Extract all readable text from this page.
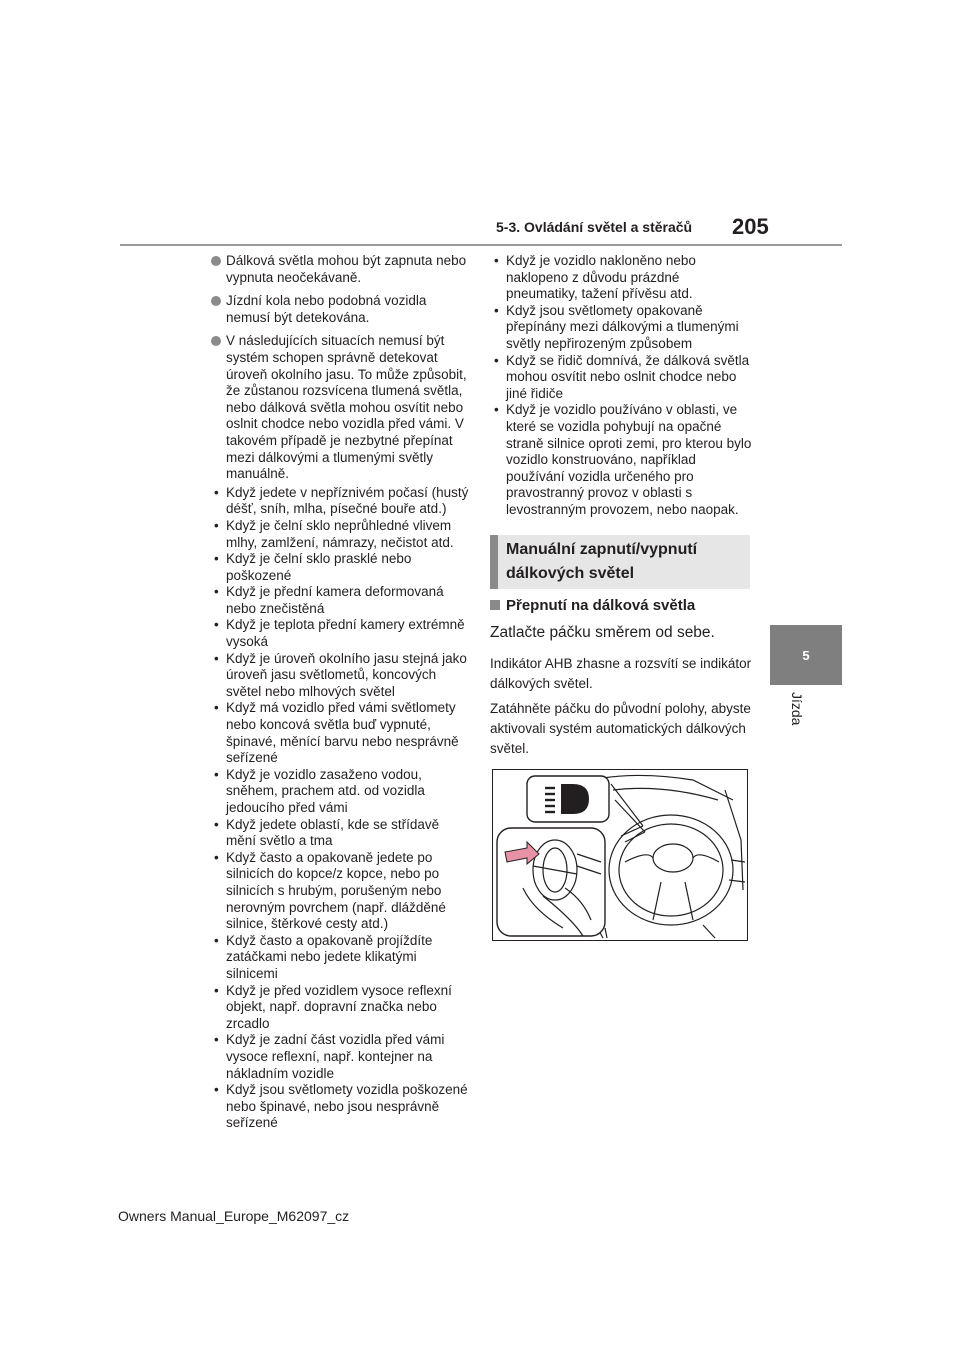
5-3. Ovládání světel a stěračů 205
5
Jízda
Dálková světla mohou být zapnuta nebo vypnuta neočekávaně.
Jízdní kola nebo podobná vozidla nemusí být detekována.
V následujících situacích nemusí být systém schopen správně detekovat úroveň okolního jasu. To může způsobit, že zůstanou rozsvícena tlumená světla, nebo dálková světla mohou osvítit nebo oslnit chodce nebo vozidla před vámi. V takovém případě je nezbytné přepínat mezi dálkovými a tlumenými světly manuálně.
• Když jedete v nepříznivém počasí (hustý déšť, sníh, mlha, písečné bouře atd.)
• Když je čelní sklo neprůhledné vlivem mlhy, zamlžení, námrazy, nečistot atd.
• Když je čelní sklo prasklé nebo poškozené
• Když je přední kamera deformovaná nebo znečistěná
• Když je teplota přední kamery extrémně vysoká
• Když je úroveň okolního jasu stejná jako úroveň jasu světlometů, koncových světel nebo mlhových světel
• Když má vozidlo před vámi světlomety nebo koncová světla buď vypnuté, špinavé, měnící barvu nebo nesprávně seřízené
• Když je vozidlo zasaženo vodou, sněhem, prachem atd. od vozidla jedoucího před vámi
• Když jedete oblastí, kde se střídavě mění světlo a tma
• Když často a opakovaně jedete po silnicích do kopce/z kopce, nebo po silnicích s hrubým, porušeným nebo nerovným povrchem (např. dlážděné silnice, štěrkové cesty atd.)
• Když často a opakovaně projíždíte zatáčkami nebo jedete klikatými silnicemi
• Když je před vozidlem vysoce reflexní objekt, např. dopravní značka nebo zrcadlo
• Když je zadní část vozidla před vámi vysoce reflexní, např. kontejner na nákladním vozidle
• Když jsou světlomety vozidla poškozené nebo špinavé, nebo jsou nesprávně seřízené
• Když je vozidlo nakloněno nebo naklopeno z důvodu prázdné pneumatiky, tažení přívěsu atd.
• Když jsou světlomety opakovaně přepínány mezi dálkovými a tlumenými světly nepřirozeným způsobem
• Když se řidič domnívá, že dálková světla mohou osvítit nebo oslnit chodce nebo jiné řidiče
• Když je vozidlo používáno v oblasti, ve které se vozidla pohybují na opačné straně silnice oproti zemi, pro kterou bylo vozidlo konstruováno, například používání vozidla určeného pro pravostranný provoz v oblasti s levostranným provozem, nebo naopak.
Manuální zapnutí/vypnutí dálkových světel
Přepnutí na dálková světla
Zatlačte páčku směrem od sebe.
Indikátor AHB zhasne a rozsvítí se indikátor dálkových světel.
Zatáhněte páčku do původní polohy, abyste aktivovali systém automatických dálkových světel.
Owners Manual_Europe_M62097_cz
